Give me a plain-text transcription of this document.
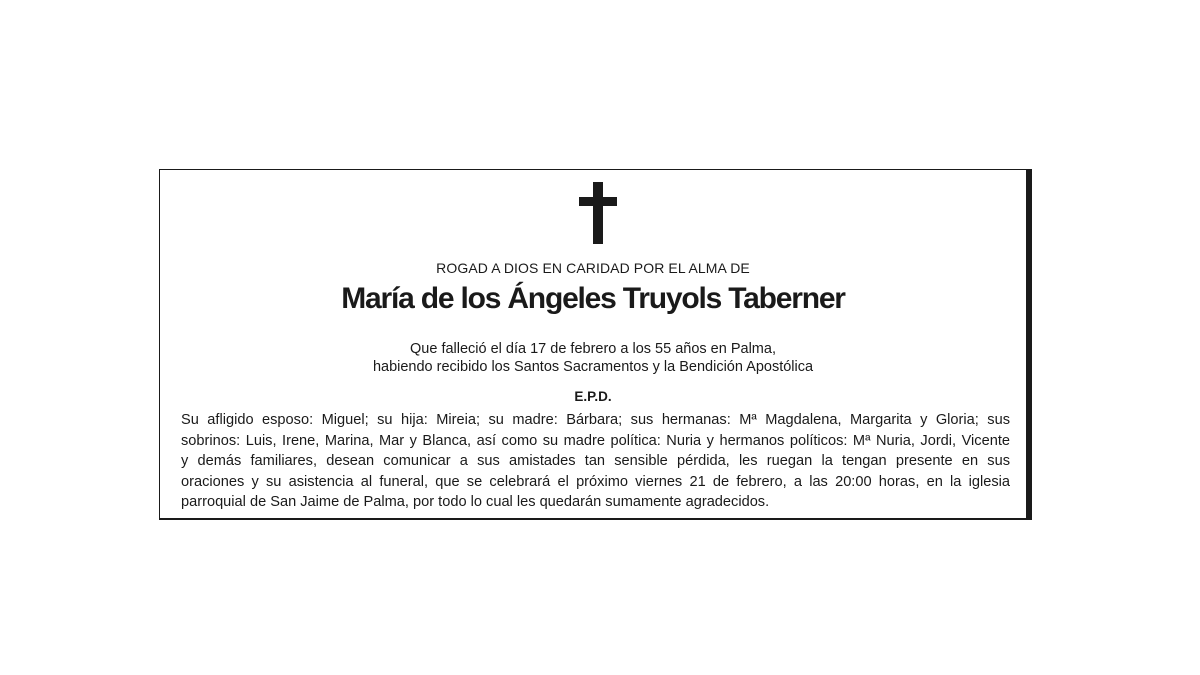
ROGAD A DIOS EN CARIDAD POR EL ALMA DE
María de los Ángeles Truyols Taberner
Que falleció el día 17 de febrero a los 55 años en Palma,
habiendo recibido los Santos Sacramentos y la Bendición Apostólica
E.P.D.
Su afligido esposo: Miguel; su hija: Mireia; su madre: Bárbara; sus hermanas: Mª Magdalena, Margarita y Gloria; sus
sobrinos: Luis, Irene, Marina, Mar y Blanca, así como su madre política: Nuria y hermanos políticos: Mª Nuria, Jordi, Vicente
y demás familiares, desean comunicar a sus amistades tan sensible pérdida, les ruegan la tengan presente en sus
oraciones y su asistencia al funeral, que se celebrará el próximo viernes 21 de febrero, a las 20:00 horas, en la iglesia
parroquial de San Jaime de Palma, por todo lo cual les quedarán sumamente agradecidos.
